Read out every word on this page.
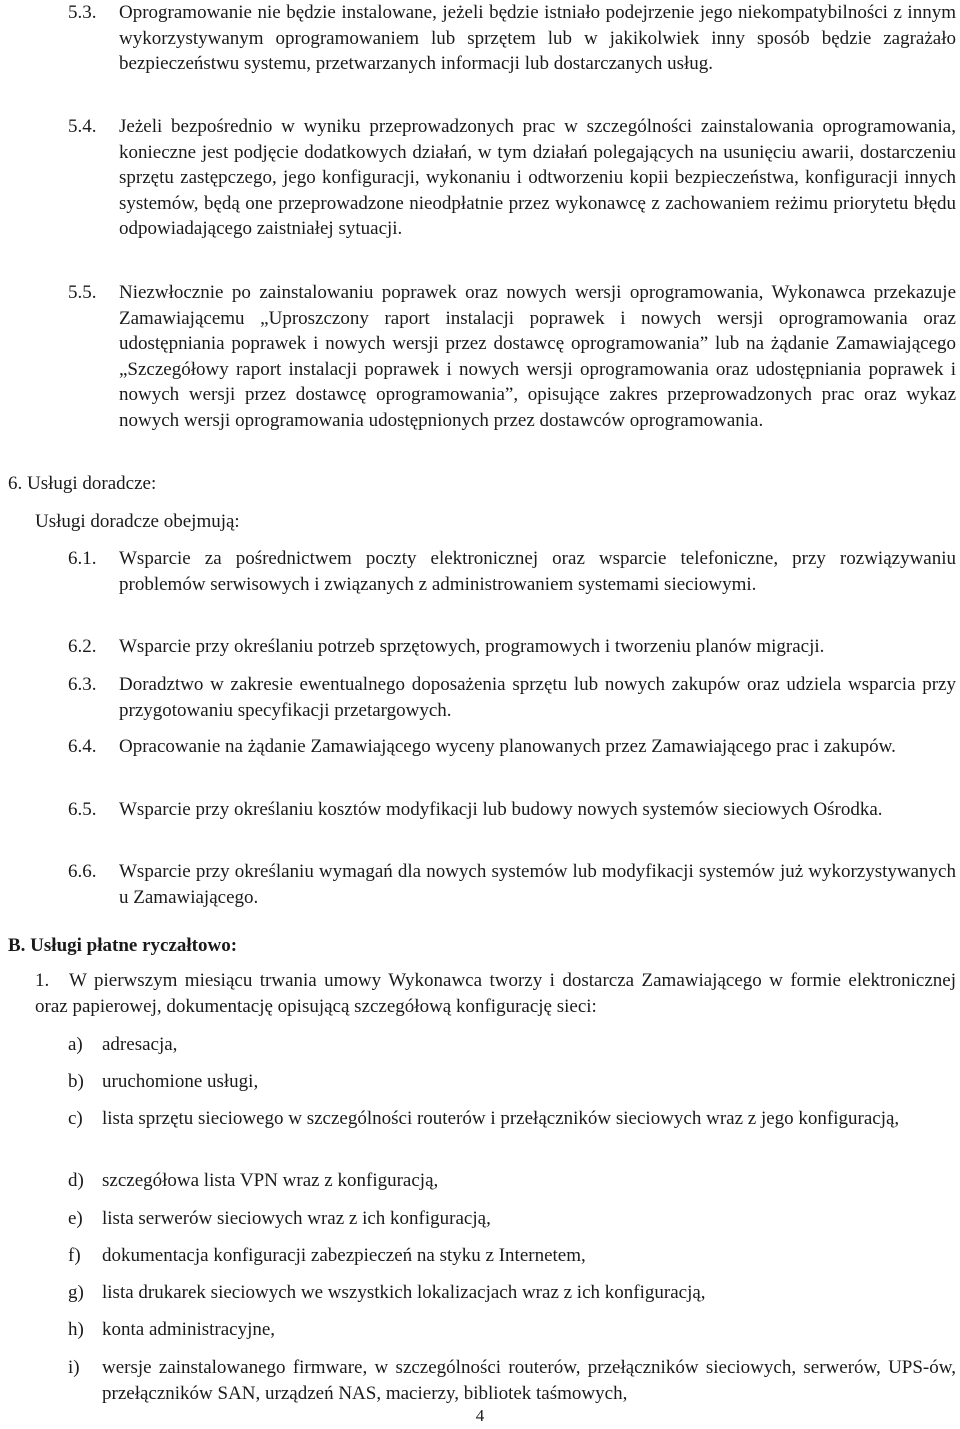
5.3.	Oprogramowanie nie będzie instalowane, jeżeli będzie istniało podejrzenie jego niekompatybilności z innym wykorzystywanym oprogramowaniem lub sprzętem lub w jakikolwiek inny sposób będzie zagrażało bezpieczeństwu systemu, przetwarzanych informacji lub dostarczanych usług.
5.4.	Jeżeli bezpośrednio w wyniku przeprowadzonych prac w szczególności zainstalowania oprogramowania, konieczne jest podjęcie dodatkowych działań, w tym działań polegających na usunięciu awarii, dostarczeniu sprzętu zastępczego, jego konfiguracji, wykonaniu i odtworzeniu kopii bezpieczeństwa, konfiguracji innych systemów, będą one przeprowadzone nieodpłatnie przez wykonawcę z zachowaniem reżimu priorytetu błędu odpowiadającego zaistniałej sytuacji.
5.5.	Niezwłocznie po zainstalowaniu poprawek oraz nowych wersji oprogramowania, Wykonawca przekazuje Zamawiającemu „Uproszczony raport instalacji poprawek i nowych wersji oprogramowania oraz udostępniania poprawek i nowych wersji przez dostawcę oprogramowania” lub na żądanie Zamawiającego „Szczegółowy raport instalacji poprawek i nowych wersji oprogramowania oraz udostępniania poprawek i nowych wersji przez dostawcę oprogramowania”, opisujące zakres przeprowadzonych prac oraz wykaz nowych wersji oprogramowania udostępnionych przez dostawców oprogramowania.
6. Usługi doradcze:
Usługi doradcze obejmują:
6.1.	Wsparcie za pośrednictwem poczty elektronicznej oraz wsparcie telefoniczne, przy rozwiązywaniu problemów serwisowych i związanych z administrowaniem systemami sieciowymi.
6.2.	Wsparcie przy określaniu potrzeb sprzętowych, programowych i tworzeniu planów migracji.
6.3.	Doradztwo w zakresie ewentualnego doposażenia sprzętu lub nowych zakupów oraz udziela wsparcia przy przygotowaniu specyfikacji przetargowych.
6.4.	Opracowanie na żądanie Zamawiającego wyceny planowanych przez Zamawiającego prac i zakupów.
6.5.	Wsparcie przy określaniu kosztów modyfikacji lub budowy nowych systemów sieciowych Ośrodka.
6.6.	Wsparcie przy określaniu wymagań dla nowych systemów lub modyfikacji systemów już wykorzystywanych u Zamawiającego.
B. Usługi płatne ryczałtowo:
1. W pierwszym miesiącu trwania umowy Wykonawca tworzy i dostarcza Zamawiającego w formie elektronicznej oraz papierowej, dokumentację opisującą szczegółową konfigurację sieci:
a)	adresacja,
b) uruchomione usługi,
c)	lista sprzętu sieciowego w szczególności routerów i przełączników sieciowych wraz z jego konfiguracją,
d) szczegółowa lista VPN wraz z konfiguracją,
e)	lista serwerów sieciowych wraz z ich konfiguracją,
f)	dokumentacja konfiguracji zabezpieczeń na styku z Internetem,
g) lista drukarek sieciowych we wszystkich lokalizacjach wraz z ich konfiguracją,
h) konta administracyjne,
i)	wersje zainstalowanego firmware, w szczególności routerów, przełączników sieciowych, serwerów, UPS-ów, przełączników SAN, urządzeń NAS, macierzy, bibliotek taśmowych,
4
